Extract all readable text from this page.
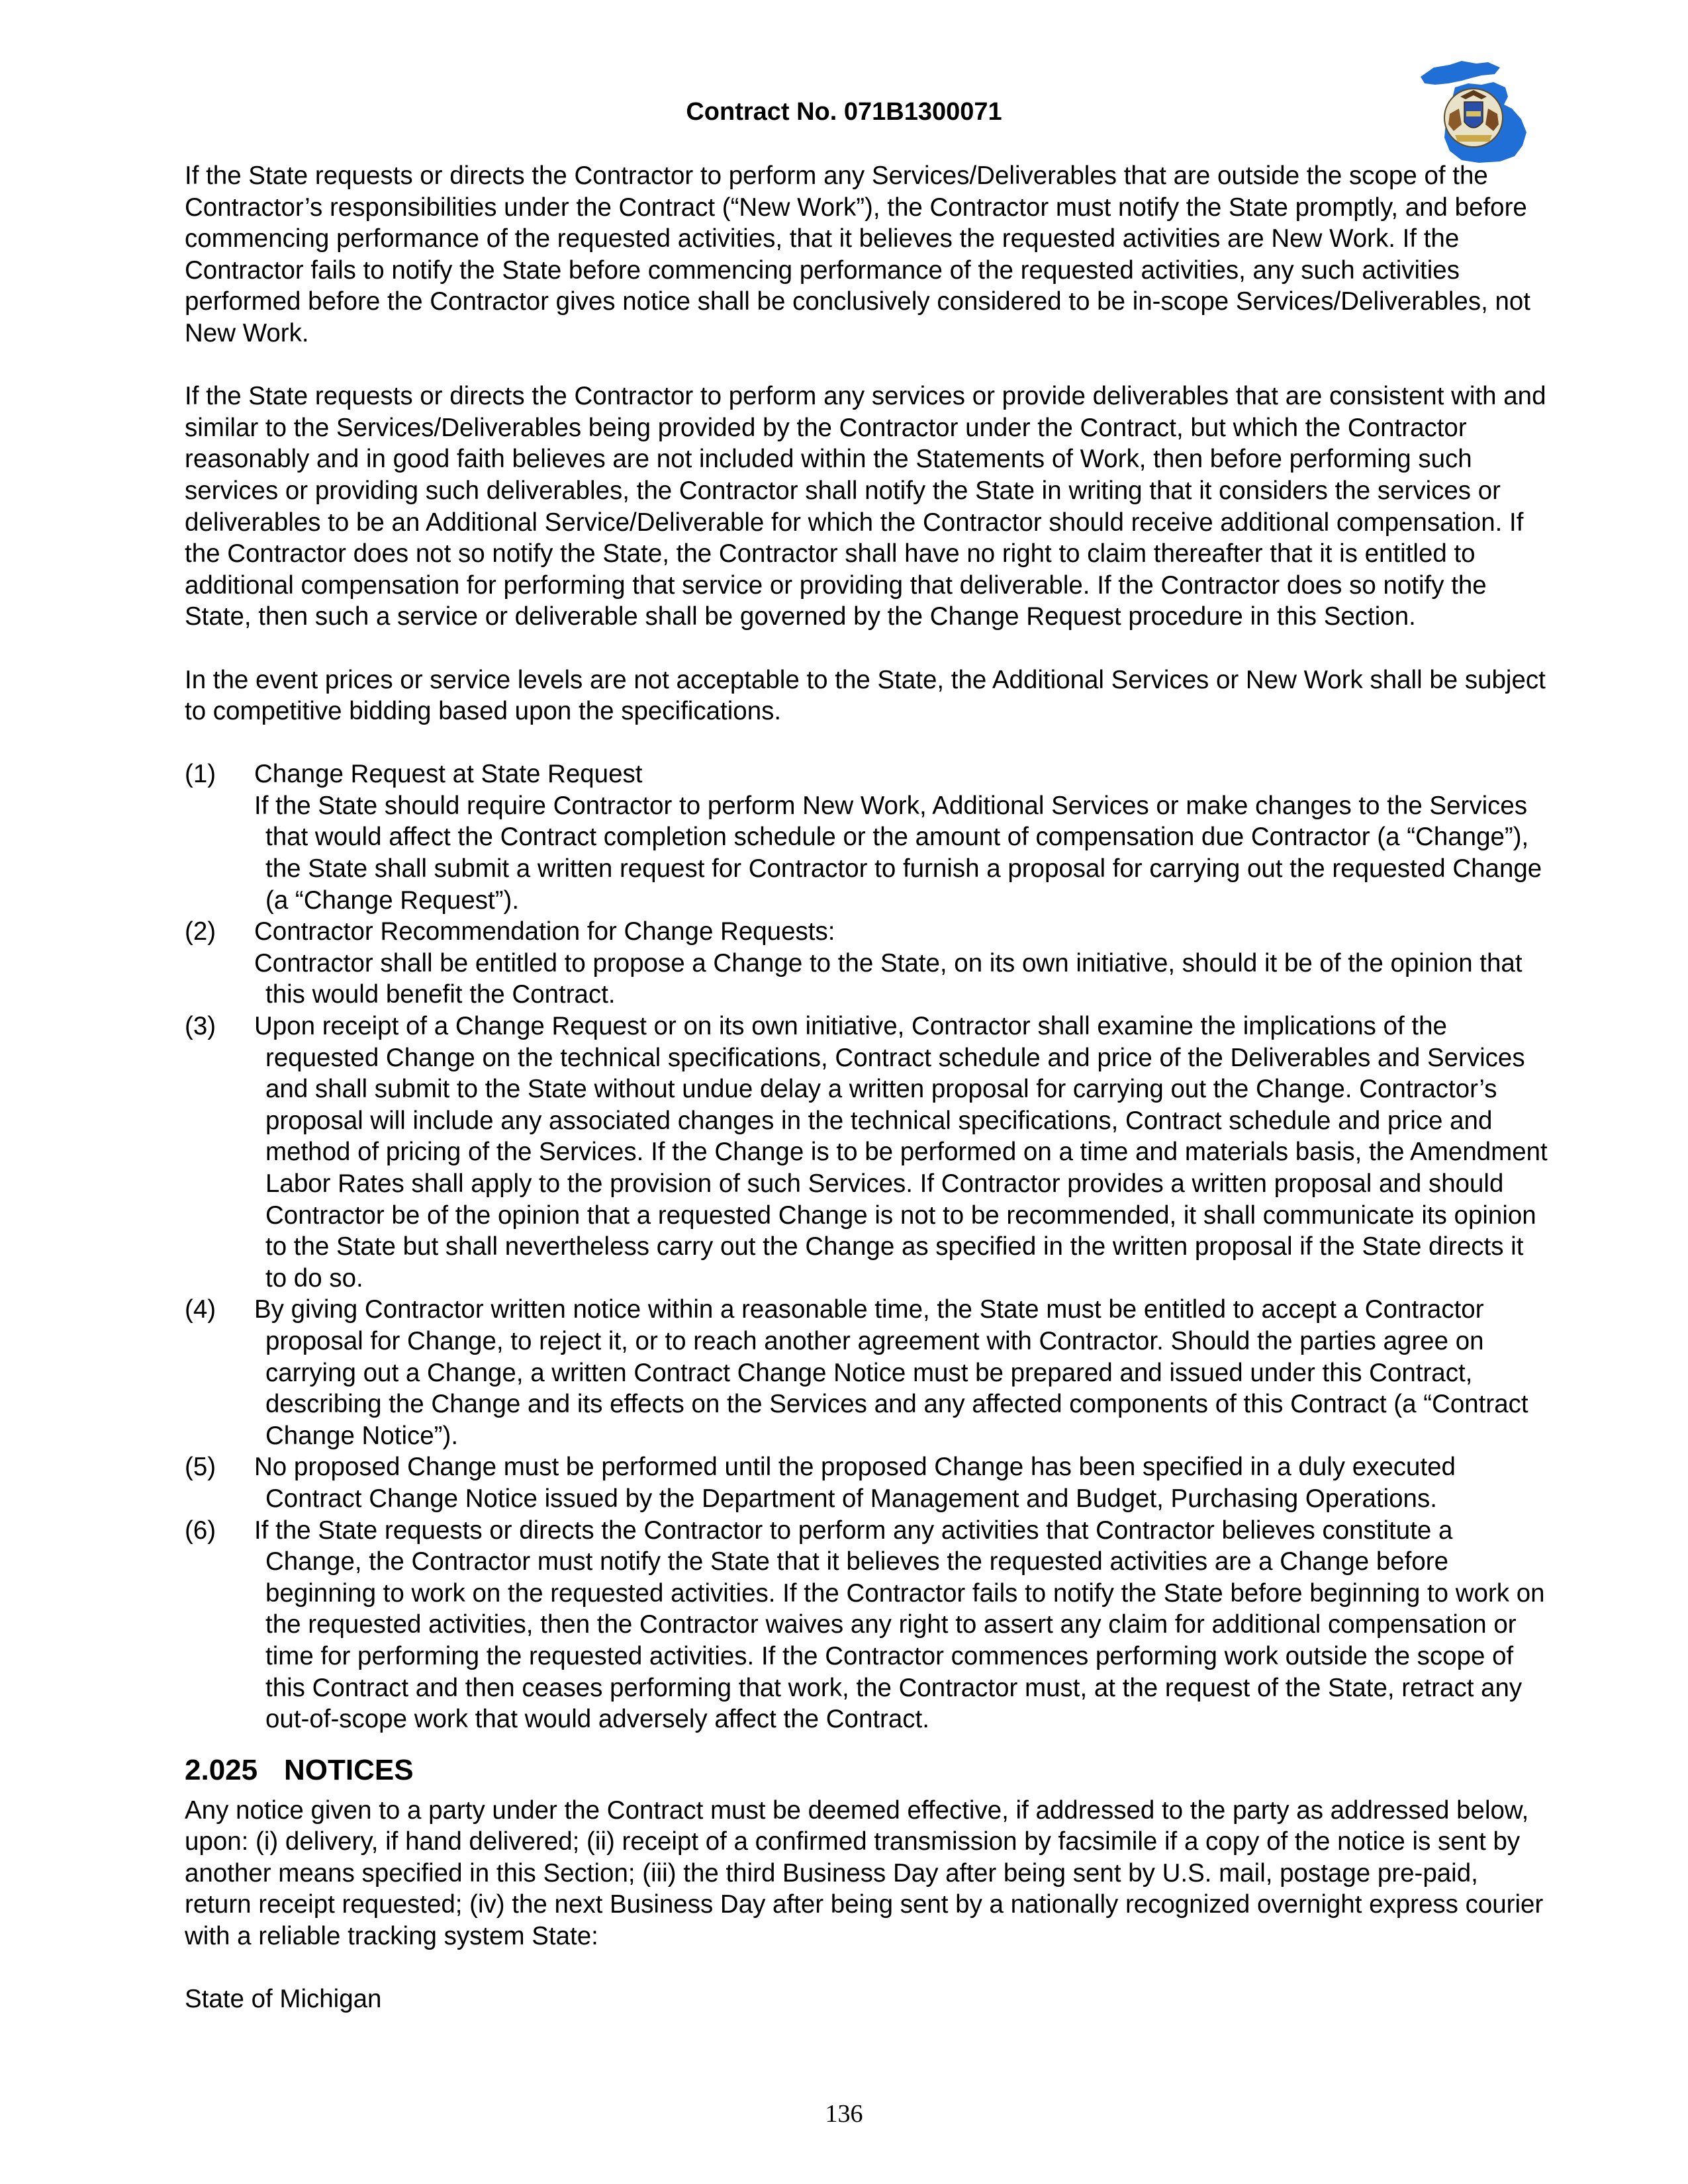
Contract No. 071B1300071

If the State requests or directs the Contractor to perform any Services/Deliverables that are outside the scope of the Contractor’s responsibilities under the Contract (“New Work”), the Contractor must notify the State promptly, and before commencing performance of the requested activities, that it believes the requested activities are New Work. If the Contractor fails to notify the State before commencing performance of the requested activities, any such activities performed before the Contractor gives notice shall be conclusively considered to be in-scope Services/Deliverables, not New Work.

If the State requests or directs the Contractor to perform any services or provide deliverables that are consistent with and similar to the Services/Deliverables being provided by the Contractor under the Contract, but which the Contractor reasonably and in good faith believes are not included within the Statements of Work, then before performing such services or providing such deliverables, the Contractor shall notify the State in writing that it considers the services or deliverables to be an Additional Service/Deliverable for which the Contractor should receive additional compensation. If the Contractor does not so notify the State, the Contractor shall have no right to claim thereafter that it is entitled to additional compensation for performing that service or providing that deliverable. If the Contractor does so notify the State, then such a service or deliverable shall be governed by the Change Request procedure in this Section.

In the event prices or service levels are not acceptable to the State, the Additional Services or New Work shall be subject to competitive bidding based upon the specifications.

(1) Change Request at State Request
If the State should require Contractor to perform New Work, Additional Services or make changes to the Services that would affect the Contract completion schedule or the amount of compensation due Contractor (a “Change”), the State shall submit a written request for Contractor to furnish a proposal for carrying out the requested Change (a “Change Request”).
(2) Contractor Recommendation for Change Requests:
Contractor shall be entitled to propose a Change to the State, on its own initiative, should it be of the opinion that this would benefit the Contract.
(3) Upon receipt of a Change Request or on its own initiative, Contractor shall examine the implications of the requested Change on the technical specifications, Contract schedule and price of the Deliverables and Services and shall submit to the State without undue delay a written proposal for carrying out the Change. Contractor’s proposal will include any associated changes in the technical specifications, Contract schedule and price and method of pricing of the Services. If the Change is to be performed on a time and materials basis, the Amendment Labor Rates shall apply to the provision of such Services. If Contractor provides a written proposal and should Contractor be of the opinion that a requested Change is not to be recommended, it shall communicate its opinion to the State but shall nevertheless carry out the Change as specified in the written proposal if the State directs it to do so.
(4) By giving Contractor written notice within a reasonable time, the State must be entitled to accept a Contractor proposal for Change, to reject it, or to reach another agreement with Contractor. Should the parties agree on carrying out a Change, a written Contract Change Notice must be prepared and issued under this Contract, describing the Change and its effects on the Services and any affected components of this Contract (a “Contract Change Notice”).
(5) No proposed Change must be performed until the proposed Change has been specified in a duly executed Contract Change Notice issued by the Department of Management and Budget, Purchasing Operations.
(6) If the State requests or directs the Contractor to perform any activities that Contractor believes constitute a Change, the Contractor must notify the State that it believes the requested activities are a Change before beginning to work on the requested activities. If the Contractor fails to notify the State before beginning to work on the requested activities, then the Contractor waives any right to assert any claim for additional compensation or time for performing the requested activities. If the Contractor commences performing work outside the scope of this Contract and then ceases performing that work, the Contractor must, at the request of the State, retract any out-of-scope work that would adversely affect the Contract.
2.025 NOTICES

Any notice given to a party under the Contract must be deemed effective, if addressed to the party as addressed below, upon: (i) delivery, if hand delivered; (ii) receipt of a confirmed transmission by facsimile if a copy of the notice is sent by another means specified in this Section; (iii) the third Business Day after being sent by U.S. mail, postage pre-paid, return receipt requested; (iv) the next Business Day after being sent by a nationally recognized overnight express courier with a reliable tracking system State:

State of Michigan

136
